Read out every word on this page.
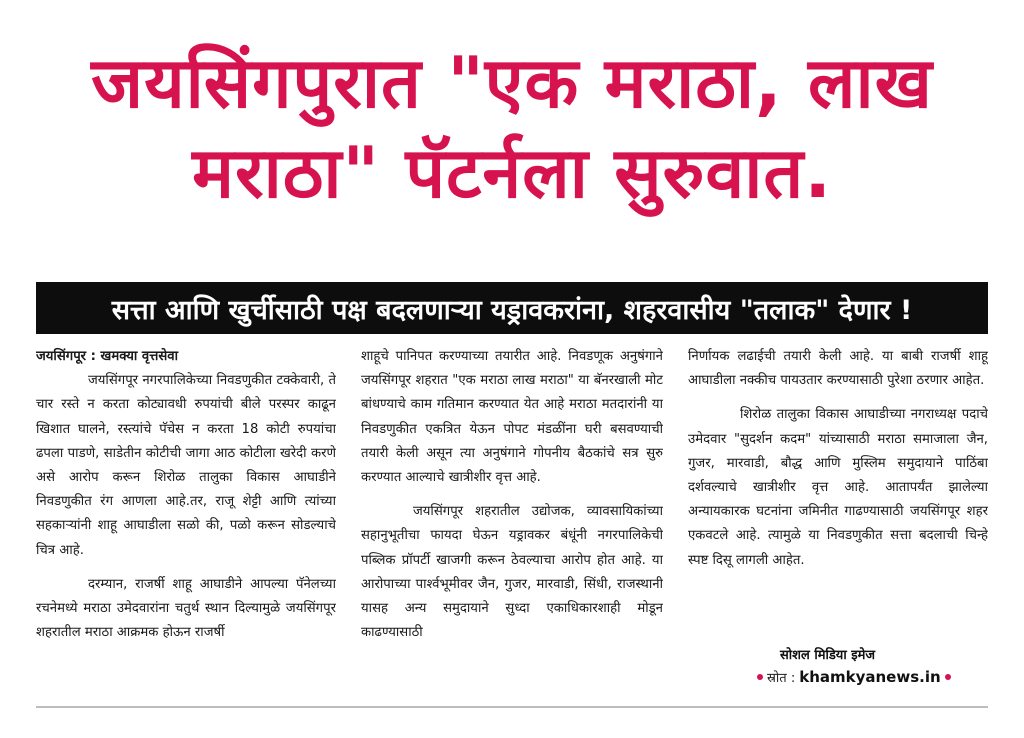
जयसिंगपुरात "एक मराठा, लाख
मराठा" पॅटर्नला सुरुवात.
सत्ता आणि खुर्चीसाठी पक्ष बदलणाऱ्या यड्रावकरांना, शहरवासीय "तलाक" देणार !

जयसिंगपूर : खमक्या वृत्तसेवा

जयसिंगपूर नगरपालिकेच्या निवडणुकीत टक्केवारी, ते चार रस्ते न करता कोट्यावधी रुपयांची बीले परस्पर काढून खिशात घालने, रस्त्यांचे पॅचेस न करता 18 कोटी रुपयांचा ढपला पाडणे, साडेतीन कोटीची जागा आठ कोटीला खरेदी करणे असे आरोप करून शिरोळ तालुका विकास आघाडीने निवडणुकीत रंग आणला आहे.तर, राजू शेट्टी आणि त्यांच्या सहकाऱ्यांनी शाहू आघाडीला सळो की, पळो करून सोडल्याचे चित्र आहे.

दरम्यान, राजर्षी शाहू आघाडीने आपल्या पॅनेलच्या रचनेमध्ये मराठा उमेदवारांना चतुर्थ स्थान दिल्यामुळे जयसिंगपूर शहरातील मराठा आक्रमक होऊन राजर्षी

शाहूचे पानिपत करण्याच्या तयारीत आहे. निवडणूक अनुषंगाने जयसिंगपूर शहरात "एक मराठा लाख मराठा" या बॅनरखाली मोट बांधण्याचे काम गतिमान करण्यात येत आहे मराठा मतदारांनी या निवडणुकीत एकत्रित येऊन पोपट मंडळींना घरी बसवण्याची तयारी केली असून त्या अनुषंगाने गोपनीय बैठकांचे सत्र सुरु करण्यात आल्याचे खात्रीशीर वृत्त आहे.

जयसिंगपूर शहरातील उद्योजक, व्यावसायिकांच्या सहानुभूतीचा फायदा घेऊन यड्रावकर बंधूंनी नगरपालिकेची पब्लिक प्रॉपर्टी खाजगी करून ठेवल्याचा आरोप होत आहे. या आरोपाच्या पार्श्वभूमीवर जैन, गुजर, मारवाडी, सिंधी, राजस्थानी यासह अन्य समुदायाने सुध्दा एकाधिकारशाही मोडून काढण्यासाठी

निर्णायक लढाईची तयारी केली आहे. या बाबी राजर्षी शाहू आघाडीला नक्कीच पायउतार करण्यासाठी पुरेशा ठरणार आहेत.

शिरोळ तालुका विकास आघाडीच्या नगराध्यक्ष पदाचे उमेदवार "सुदर्शन कदम" यांच्यासाठी मराठा समाजाला जैन, गुजर, मारवाडी, बौद्ध आणि मुस्लिम समुदायाने पाठिंबा दर्शवल्याचे खात्रीशीर वृत्त आहे. आतापर्यंत झालेल्या अन्यायकारक घटनांना जमिनीत गाढण्यासाठी जयसिंगपूर शहर एकवटले आहे. त्यामुळे या निवडणुकीत सत्ता बदलाची चिन्हे स्पष्ट दिसू लागली आहेत.

सोशल मिडिया इमेज
स्रोत : khamkyanews.in
